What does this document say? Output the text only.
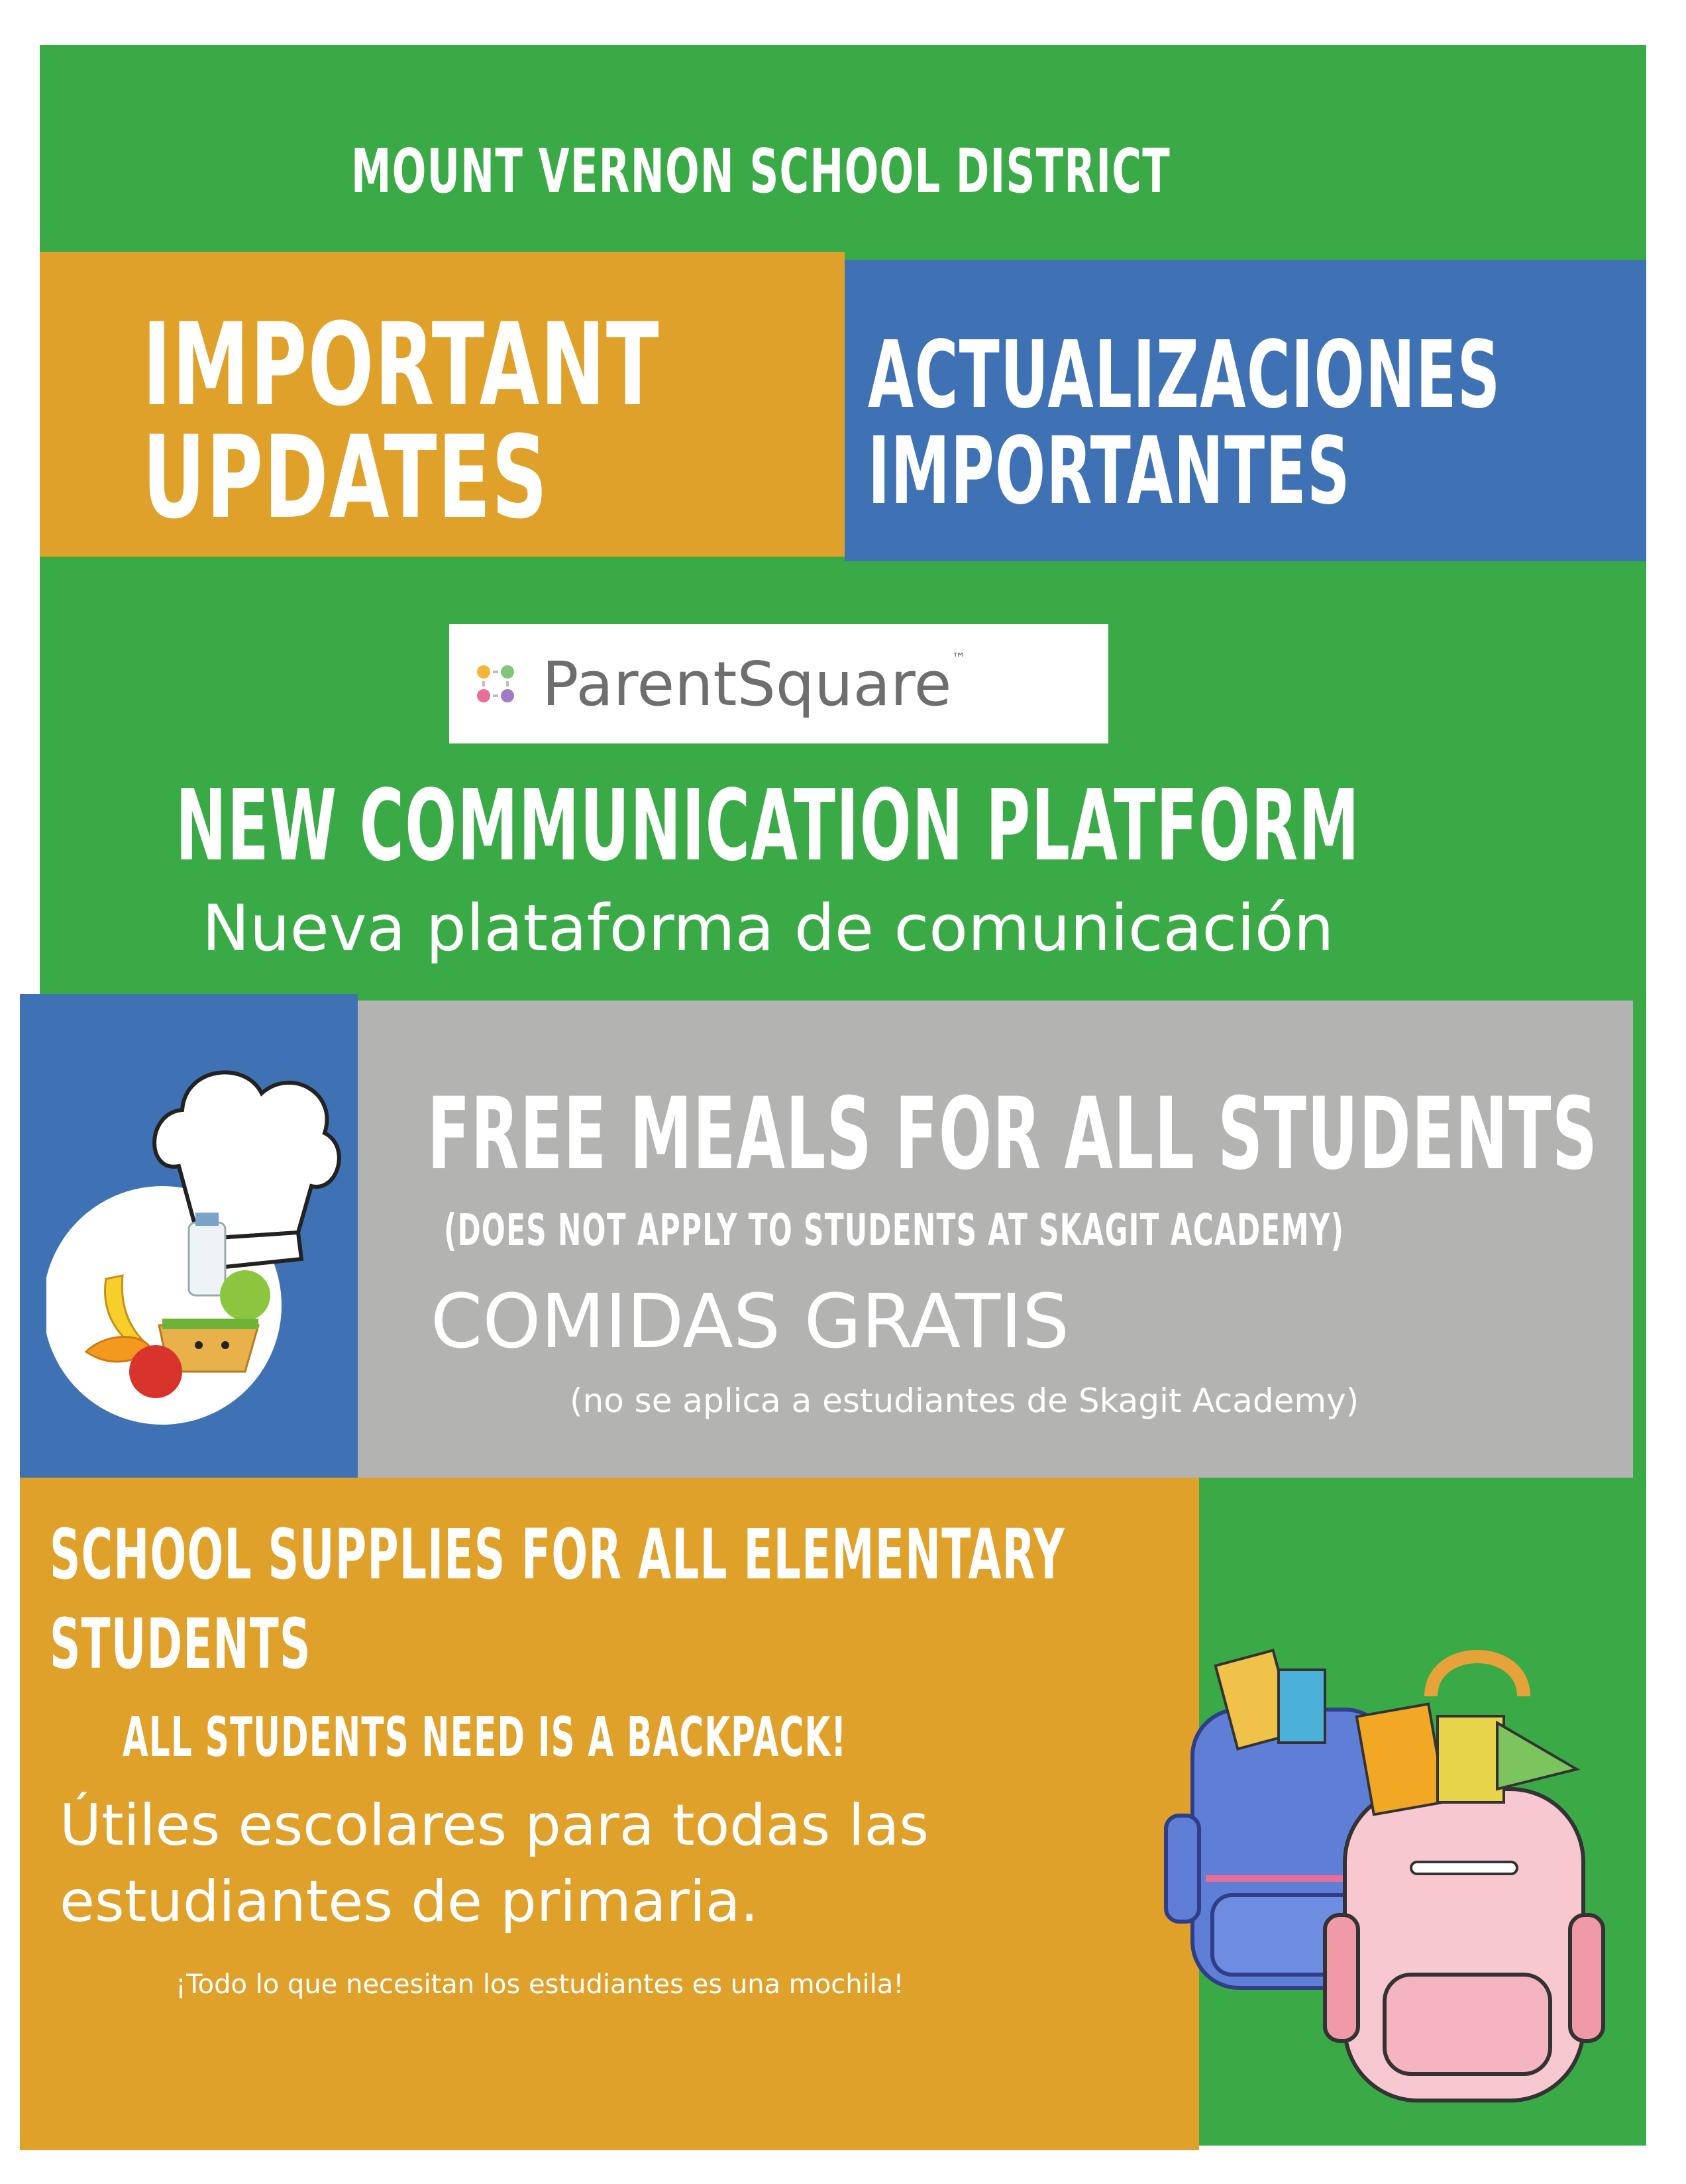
MOUNT VERNON SCHOOL DISTRICT
IMPORTANT
UPDATES
ACTUALIZACIONES
IMPORTANTES
ParentSquare ™
NEW COMMUNICATION PLATFORM
Nueva plataforma de comunicación
FREE MEALS FOR ALL STUDENTS
(DOES NOT APPLY TO STUDENTS AT SKAGIT ACADEMY)
COMIDAS GRATIS
(no se aplica a estudiantes de Skagit Academy)
SCHOOL SUPPLIES FOR ALL ELEMENTARY
STUDENTS
ALL STUDENTS NEED IS A BACKPACK!
Útiles escolares para todas las
estudiantes de primaria.
¡Todo lo que necesitan los estudiantes es una mochila!
